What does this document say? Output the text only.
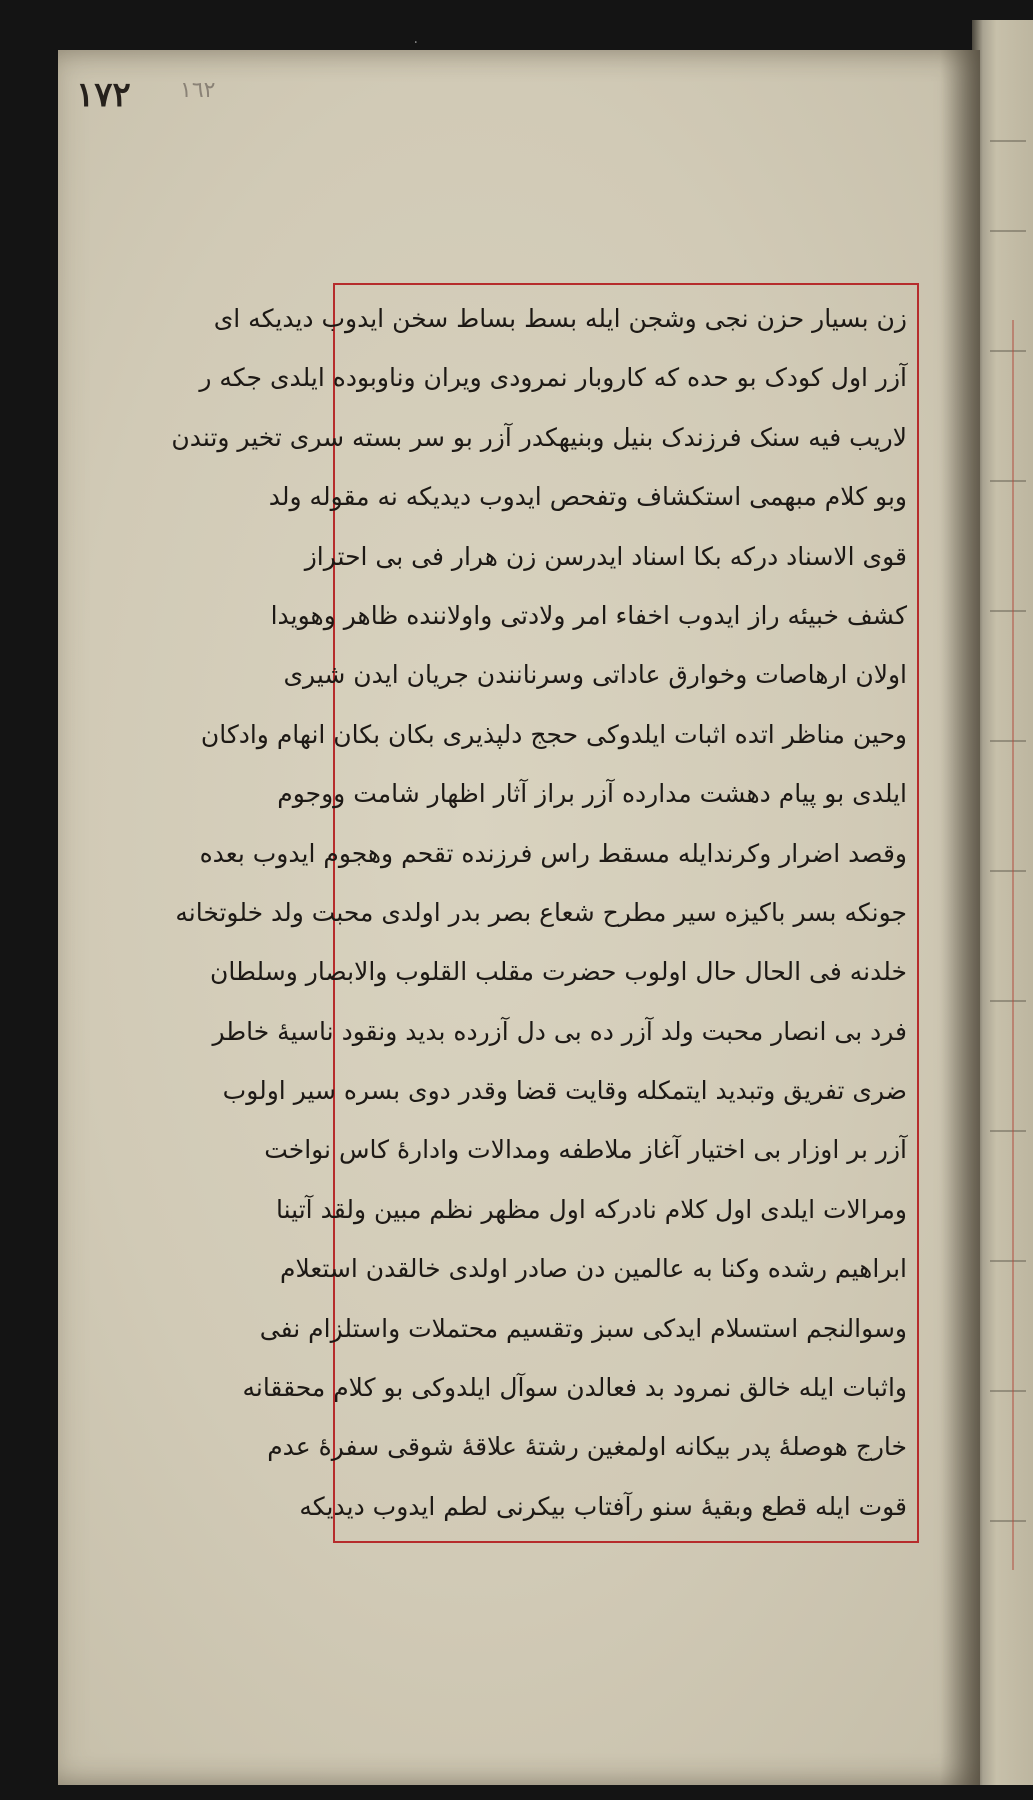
۰
١٧٢ ١٦٢
زن بسیار حزن نجی وشجن ایله بسط بساط سخن ایدوب دیدیکه ای
آزر اول کودک بو حده که کاروبار نمرودی ویران وناوبوده ایلدی جکه ر
لاریب فیه سنک فرزندک بنیل وبنیهکدر آزر بو سر بسته سری تخیر وتندن
وبو کلام مبهمی استکشاف وتفحص ایدوب دیدیکه نه مقوله ولد
قوی الاسناد درکه بکا اسناد ایدرسن زن هرار فی بی احتراز
کشف خبیئه راز ایدوب اخفاء امر ولادتی واولاننده ظاهر وهویدا
اولان ارهاصات وخوارق عاداتی وسرنانندن جریان ایدن شیری
وحین مناظر اتده اثبات ایلدوکی حجج دلپذیری بکان بکان انهام وادکان
ایلدی بو پیام دهشت مدارده آزر براز آثار اظهار شامت ووجوم
وقصد اضرار وکرندایله مسقط راس فرزنده تقحم وهجوم ایدوب بعده
جونکه بسر باکیزه سیر مطرح شعاع بصر بدر اولدی محبت ولد خلوتخانه
خلدنه فی الحال حال اولوب حضرت مقلب القلوب والابصار وسلطان
فرد بی انصار محبت ولد آزر ده بی دل آزرده بدید ونقود ناسیهٔ خاطر
ضری تفریق وتبدید ایتمکله وقایت قضا وقدر دوی بسره سیر اولوب
آزر بر اوزار بی اختیار آغاز ملاطفه ومدالات وادارهٔ کاس نواخت
ومرالات ایلدی اول کلام نادرکه اول مظهر نظم مبین ولقد آتینا
ابراهیم رشده وکنا به عالمین دن صادر اولدی خالقدن استعلام
وسوالنجم استسلام ایدکی سبز وتقسیم محتملات واستلزام نفی
واثبات ایله خالق نمرود بد فعالدن سوآل ایلدوکی بو کلام محققانه
خارج هوصلهٔ پدر بیکانه اولمغین رشتهٔ علاقهٔ شوقی سفرهٔ عدم
قوت ایله قطع وبقیهٔ سنو رآفتاب بیکرنی لطم ایدوب دیدیکه
